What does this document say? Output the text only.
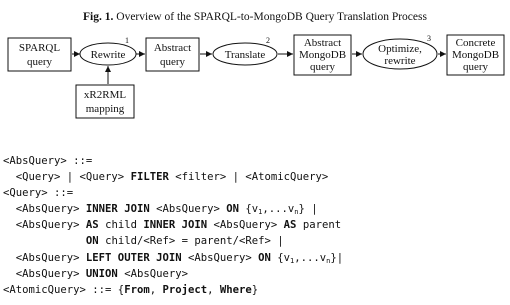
Fig. 1. Overview of the SPARQL-to-MongoDB Query Translation Process
SPARQL
query
Rewrite
1
Abstract
query
Translate
2	Abstract
MongoDB
query
Optimize,
rewrite
3 Concrete
MongoDB
query
xR2RML
mapping
<AbsQuery> ::=
<Query> | <Query> FILTER <filter> | <AtomicQuery>
<Query> ::=
<AbsQuery> INNER JOIN <AbsQuery> ON $\{v_1,...v_n\}$ |
<AbsQuery> AS child INNER JOIN <AbsQuery> AS parent
ON child/<Ref> = parent/<Ref> |
<AbsQuery> LEFT OUTER JOIN <AbsQuery> ON $\{v_1,...v_n\}|$
<AbsQuery> UNION <AbsQuery>
<AtomicQuery> ::= {From, Project, Where}
